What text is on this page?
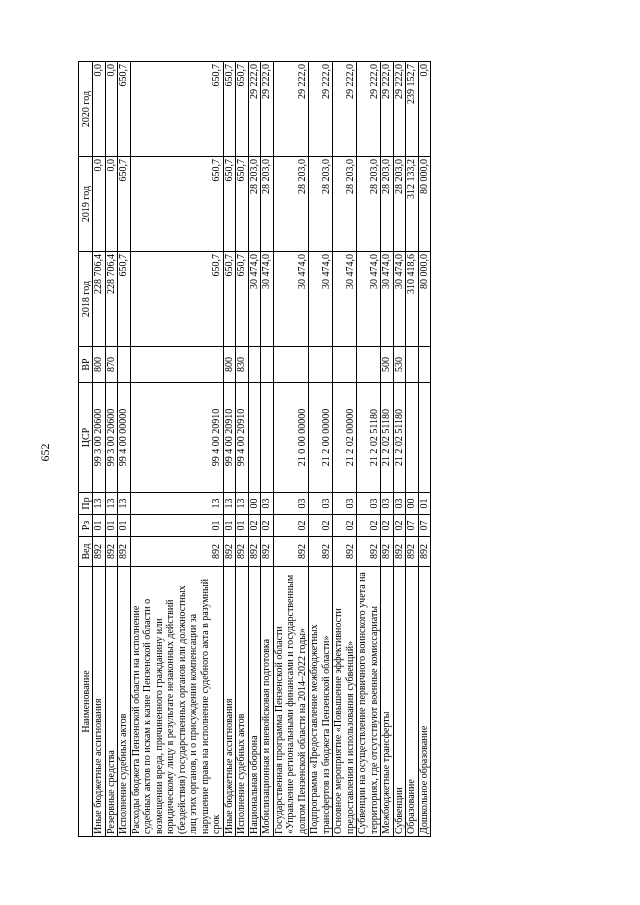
652
Наименование	Вед	Рз	Пр	ЦСР	ВР	2018 год	2019 год	2020 год
Иные бюджетные ассигнования	892	01	13	99 3 00 20600	800	228 706,4	0,0	0,0
Резервные средства	892	01	13	99 3 00 20600	870	228 706,4	0,0	0,0
Исполнение судебных актов	892	01	13	99 4 00 00000		650,7	650,7	650,7
Расходы бюджета Пензенской области на исполнение судебных актов по искам к казне Пензенской области о возмещении вреда, причиненного гражданину или юридическому лицу в результате незаконных действий (бездействия) государственных органов или должностных лиц этих органов, и о присуждении компенсации за нарушение права на исполнение судебного акта в разумный срок	892	01	13	99 4 00 20910		650,7	650,7	650,7
Иные бюджетные ассигнования	892	01	13	99 4 00 20910	800	650,7	650,7	650,7
Исполнение судебных актов	892	01	13	99 4 00 20910	830	650,7	650,7	650,7
Национальная оборона	892	02	00			30 474,0	28 203,0	29 222,0
Мобилизационная и вневойсковая подготовка	892	02	03			30 474,0	28 203,0	29 222,0
Государственная программа Пензенской области «Управление региональными финансами и государственным долгом Пензенской области на 2014–2022 годы»	892	02	03	21 0 00 00000		30 474,0	28 203,0	29 222,0
Подпрограмма «Предоставление межбюджетных трансфертов из бюджета Пензенской области»	892	02	03	21 2 00 00000		30 474,0	28 203,0	29 222,0
Основное мероприятие «Повышение эффективности предоставления и использования субвенций»	892	02	03	21 2 02 00000		30 474,0	28 203,0	29 222,0
Субвенции на осуществление первичного воинского учета на территориях, где отсутствуют военные комиссариаты	892	02	03	21 2 02 51180		30 474,0	28 203,0	29 222,0
Межбюджетные трансферты	892	02	03	21 2 02 51180	500	30 474,0	28 203,0	29 222,0
Субвенции	892	02	03	21 2 02 51180	530	30 474,0	28 203,0	29 222,0
Образование	892	07	00			310 418,6	312 133,2	239 152,7
Дошкольное образование	892	07	01			80 000,0	80 000,0	0,0
